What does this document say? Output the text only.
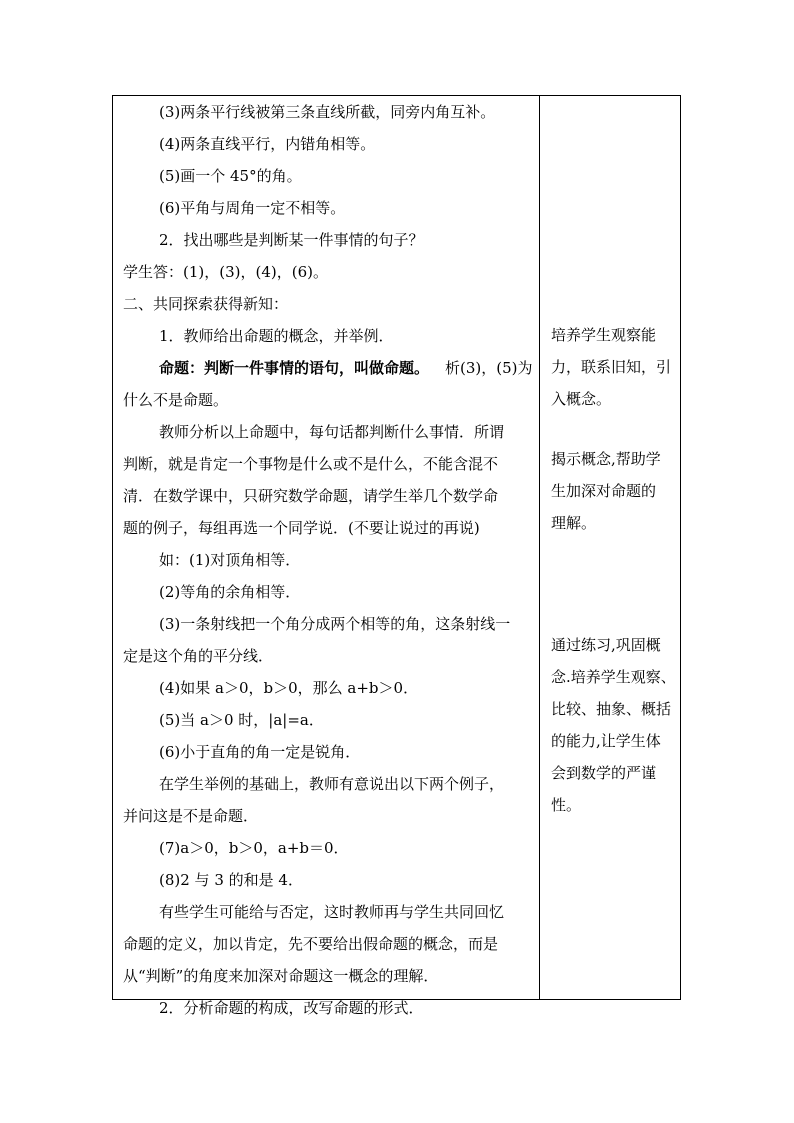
(3)两条平行线被第三条直线所截，同旁内角互补。
(4)两条直线平行，内错角相等。
(5)画一个 45°的角。
(6)平角与周角一定不相等。
2．找出哪些是判断某一件事情的句子？
学生答：(1)，(3)，(4)，(6)。
二、共同探索获得新知：
1．教师给出命题的概念，并举例．
命题：判断一件事情的语句，叫做命题。 析(3)，(5)为
什么不是命题。
教师分析以上命题中，每句话都判断什么事情．所谓
判断，就是肯定一个事物是什么或不是什么，不能含混不
清．在数学课中，只研究数学命题，请学生举几个数学命
题的例子，每组再选一个同学说．(不要让说过的再说)
如：(1)对顶角相等．
(2)等角的余角相等．
(3)一条射线把一个角分成两个相等的角，这条射线一
定是这个角的平分线．
(4)如果 a＞0，b＞0，那么 a+b＞0．
(5)当 a＞0 时，|a|=a．
(6)小于直角的角一定是锐角．
在学生举例的基础上，教师有意说出以下两个例子，
并问这是不是命题．
(7)a＞0，b＞0，a+b＝0．
(8)2 与 3 的和是 4．
有些学生可能给与否定，这时教师再与学生共同回忆
命题的定义，加以肯定，先不要给出假命题的概念，而是
从“判断”的角度来加深对命题这一概念的理解．
2．分析命题的构成，改写命题的形式．
培养学生观察能
力，联系旧知，引
入概念。
揭示概念,帮助学
生加深对命题的
理解。
通过练习,巩固概
念.培养学生观察、
比较、抽象、概括
的能力,让学生体
会到数学的严谨
性。
